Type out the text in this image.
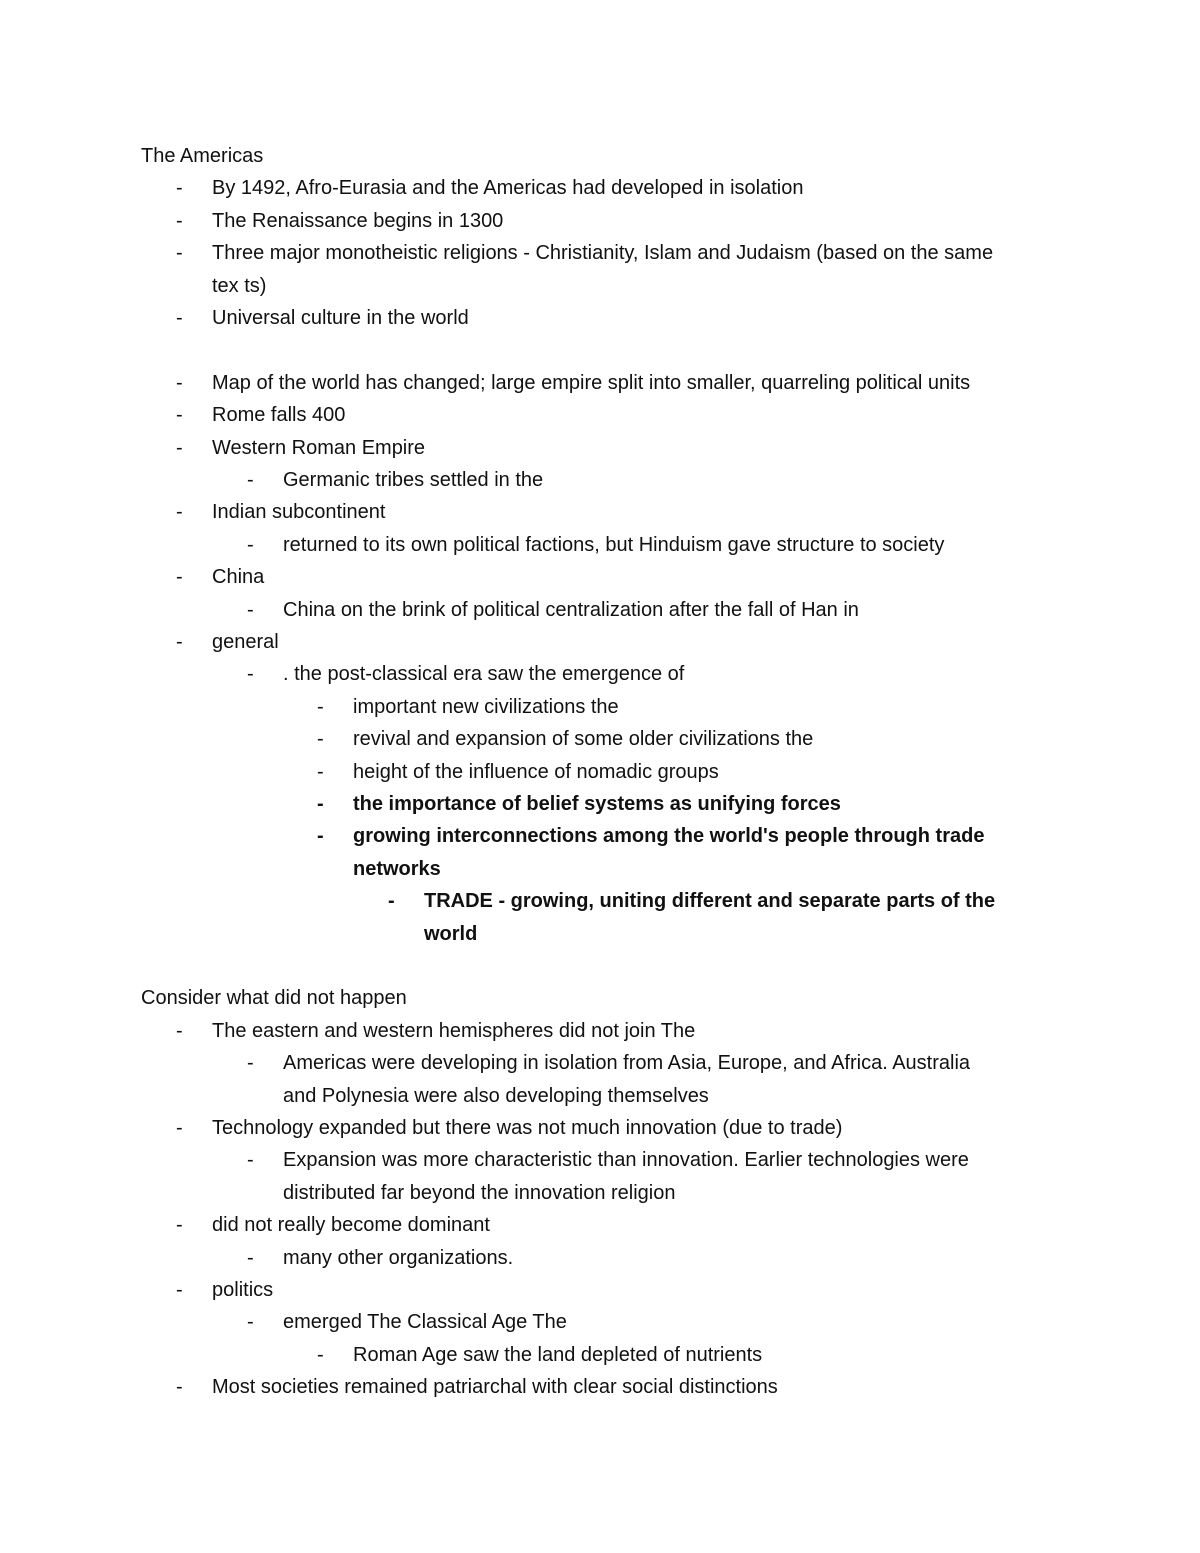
The Americas
- By 1492, Afro-Eurasia and the Americas had developed in isolation
- The Renaissance begins in 1300
- Three major monotheistic religions - Christianity, Islam and Judaism (based on the same
tex ts)
- Universal culture in the world
- Map of the world has changed; large empire split into smaller, quarreling political units
- Rome falls 400
- Western Roman Empire
- Germanic tribes settled in the
- Indian subcontinent
- returned to its own political factions, but Hinduism gave structure to society
- China
- China on the brink of political centralization after the fall of Han in
- general
- . the post-classical era saw the emergence of
- important new civilizations the
- revival and expansion of some older civilizations the
- height of the influence of nomadic groups
- the importance of belief systems as unifying forces
- growing interconnections among the world's people through trade
networks
- TRADE - growing, uniting different and separate parts of the
world
Consider what did not happen
- The eastern and western hemispheres did not join The
- Americas were developing in isolation from Asia, Europe, and Africa. Australia
and Polynesia were also developing themselves
- Technology expanded but there was not much innovation (due to trade)
- Expansion was more characteristic than innovation. Earlier technologies were
distributed far beyond the innovation religion
- did not really become dominant
- many other organizations.
- politics
- emerged The Classical Age The
- Roman Age saw the land depleted of nutrients
- Most societies remained patriarchal with clear social distinctions
